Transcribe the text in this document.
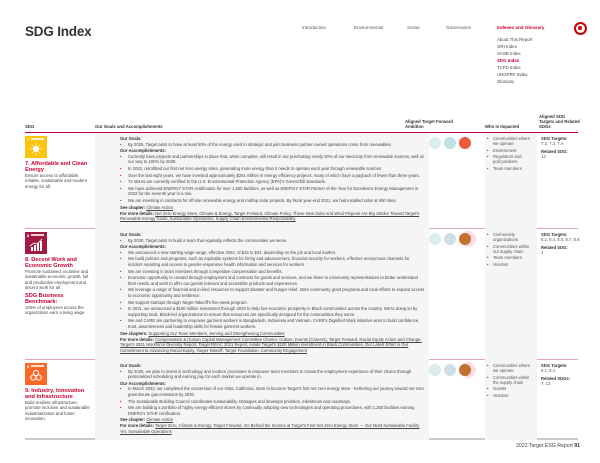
SDG Index	Introduction	Environmental	Social	Governance	Indexes and Glossary
About This Report
GRI Index
SASB Index
SDG Index
TCFD Index
UNGPRF Index
Glossary
SDG	Our Goals and Accomplishments
Aligned Target Forward Ambition	Who Is Impacted
Aligned SDG Targets and Related SDGs
7
7. Affordable and Clean Energy
Ensure access to affordable, reliable, sustainable and modern energy for all.
Our Goals:
• By 2025, Target aims to have at least 50% of the energy used in strategic and joint business partner-owned operations come from renewables.
Our Accomplishments:
• Currently have projects and partnerships in place that, when complete, will result in our purchasing nearly 50% of our electricity from renewable sources, well on our way to 100% by 2030.
• In 2022, retrofitted our first net zero energy store, generating more energy than it needs to operate each year through renewable sources.
• Over the last eight years, we have invested approximately $261 million in energy efficiency projects, many of which have a payback of fewer than three years.
• 72 stores are currently certified to the U.S. Environmental Protection Agency (EPA)'s GreenChill standards.
• We have achieved ENERGY STAR certification for over 1,550 facilities, as well as ENERGY STAR Partner of the Year for Excellence Energy Management in 2022 for the seventh year in a row.
• We are investing in contracts for off-site renewable energy and rooftop solar projects. By fiscal year-end 2021, we had installed solar at 550 sites.
See chapter: Climate Action
For more details: Net Zero Energy Store, Climate & Energy, Target Forward, Climate Policy, These New Solar and Wind Projects Are Big Strides Toward Target's Renewable Energy Goals, Sustainable Operations, Supply Chain Environmental Responsibility
• Communities where we operate
• Environment
• Regulators and policymakers
• Team members
SDG Targets:
7.2, 7.3, 7.A
Related SDG:
13
8
8. Decent Work and Economic Growth
Promote sustained, inclusive and sustainable economic growth, full and productive employment and decent work for all.
SDG Business Benchmark:
100% of employees across the organization earn a living wage.
Our Goals:
• By 2030, Target aims to build a team that equitably reflects the communities we serve.
Our Accomplishments:
• We announced a new starting wage range, effective 2022, of $15 to $24, depending on the job and local market.
• We build policies and programs, such as equitable systems for hiring and advancement, financial security for workers, effective anonymous channels for incident reporting and access to gender-responsive health information and services for workers.
• We are investing in team members through competitive compensation and benefits.
• Economic opportunity is created through employment and contracts for goods and services, and we listen to community representatives to better understand their needs, and work to offer our guests relevant and accessible products and experiences.
• We leverage a range of financial and in-kind resources to support disaster and hunger relief, store community grant programs and local efforts to expand access to economic opportunity and resilience.
• We support startups through Target Takeoff's five-week program.
• In 2021, we announced a $100 million investment through 2025 to help fuel economic prosperity in Black communities across the country. We're doing so by supporting local, Black-led organizations to ensure that resources are specifically designed for the communities they serve.
• We and CARE are partnering to empower garment workers in Bangladesh, Indonesia and Vietnam. CARE's Dignified Work initiative aims to build confidence, trust, assertiveness and leadership skills for female garment workers.
See chapters: Supporting Our Team Members, Serving and Strengthening Communities
For more details: Compensation & Human Capital Management Committee Charter, Culture, Events (Careers), Target Forward, Racial Equity Action and Change, Target's 2021 Workforce Diversity Report, Target REAC 2021 Report, Inside Target's $100 Million Investment in Black Communities, Our Latest Effort in Our Commitment to Advancing Racial Equity, Target Takeoff, Target Foundation, Community Engagement
• Civil society organizations
• Communities within our supply chain
• Team members
• Vendors
SDG Targets:
8.2, 8.4, 8.5, 8.7, 8.8
Related SDG:
2
9
9. Industry, Innovation and Infrastructure
Build resilient infrastructure, promote inclusive and sustainable industrialization and foster innovation.
Our Goals:
• By 2025, we plan to invest in technology and modern processes to empower team members to create the employment experience of their choice through personalized scheduling and earning pay for each market we operate in.
Our Accomplishments:
• In March 2022, we completed the conversion of our Vista, California, store to become Target's first net zero energy store - furthering our journey toward net zero greenhouse gas emissions by 2040.
• The Sustainable Building Council coordinates sustainability strategies and develops priorities, milestones and roadmaps.
• We are building a portfolio of highly energy-efficient stores by continually adopting new technologies and operating procedures, with 1,250 facilities earning ENERGY STAR certification.
See chapter: Climate Action
For more details: Target Zero, Climate & Energy, Target Forward, Go Behind the Scenes at Target's First Net Zero Energy Store — Our Most Sustainable Facility Yet, Sustainable Operations
• Communities where we operate
• Communities within the supply chain
• Guests
• Vendors
SDG Targets:
9.1, 9.4
Related SDGs:
7, 13
2022 Target ESG Report 91
